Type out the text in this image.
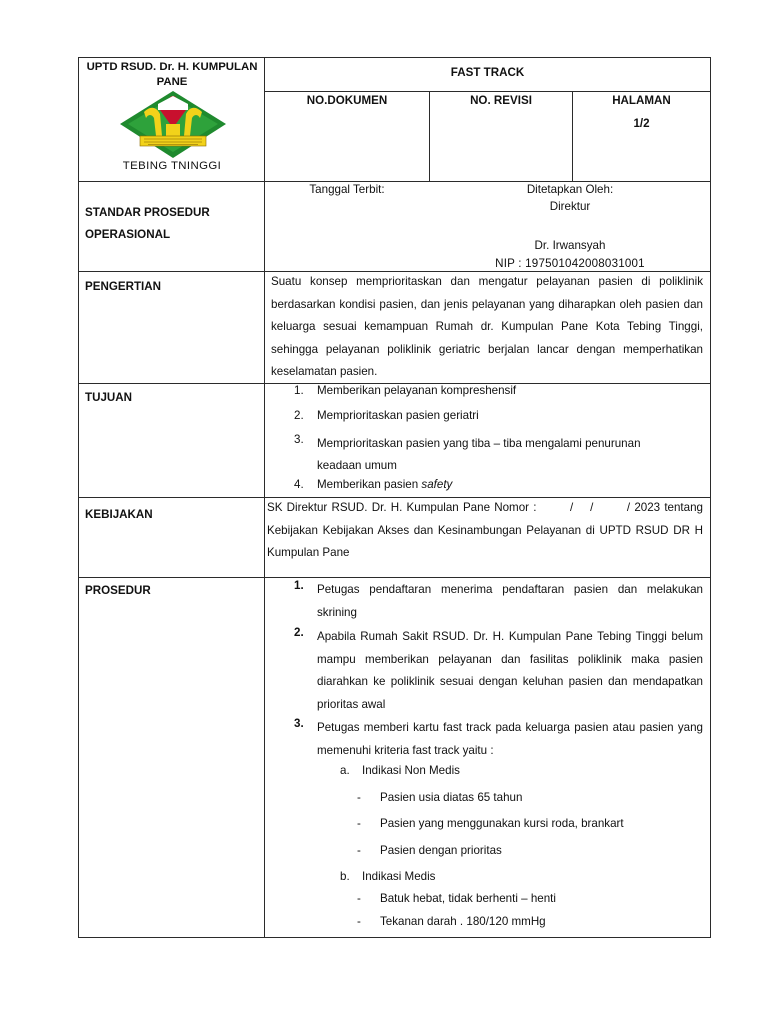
UPTD RSUD. Dr. H. KUMPULAN PANE
TEBING TNINGGI
FAST TRACK
NO.DOKUMEN	NO. REVISI	HALAMAN
1/2
STANDAR PROSEDUR
OPERASIONAL
Tanggal Terbit:	Ditetapkan Oleh:
Direktur
Dr. Irwansyah
NIP : 197501042008031001
PENGERTIAN	Suatu konsep memprioritaskan dan mengatur pelayanan pasien di poliklinik berdasarkan kondisi pasien, dan jenis pelayanan yang diharapkan oleh pasien dan keluarga sesuai kemampuan Rumah dr. Kumpulan Pane Kota Tebing Tinggi, sehingga pelayanan poliklinik geriatric berjalan lancar dengan memperhatikan keselamatan pasien.
TUJUAN
1. Memberikan pelayanan kompreshensif
2. Memprioritaskan pasien geriatri
3. Memprioritaskan pasien yang tiba – tiba mengalami penurunan keadaan umum
4. Memberikan pasien safety
KEBIJAKAN
SK Direktur RSUD. Dr. H. Kumpulan Pane Nomor :        /    /        / 2023 tentang Kebijakan Kebijakan Akses dan Kesinambungan Pelayanan di UPTD RSUD DR H Kumpulan Pane
PROSEDUR	1. Petugas pendaftaran menerima pendaftaran pasien dan melakukan skrining
2. Apabila Rumah Sakit RSUD. Dr. H. Kumpulan Pane Tebing Tinggi belum mampu memberikan pelayanan dan fasilitas poliklinik maka pasien diarahkan ke poliklinik sesuai dengan keluhan pasien dan mendapatkan prioritas awal
3. Petugas memberi kartu fast track pada keluarga pasien atau pasien yang memenuhi kriteria fast track yaitu :
a. Indikasi Non Medis
- Pasien usia diatas 65 tahun
- Pasien yang menggunakan kursi roda, brankart
- Pasien dengan prioritas
b. Indikasi Medis
- Batuk hebat, tidak berhenti – henti
- Tekanan darah . 180/120 mmHg
